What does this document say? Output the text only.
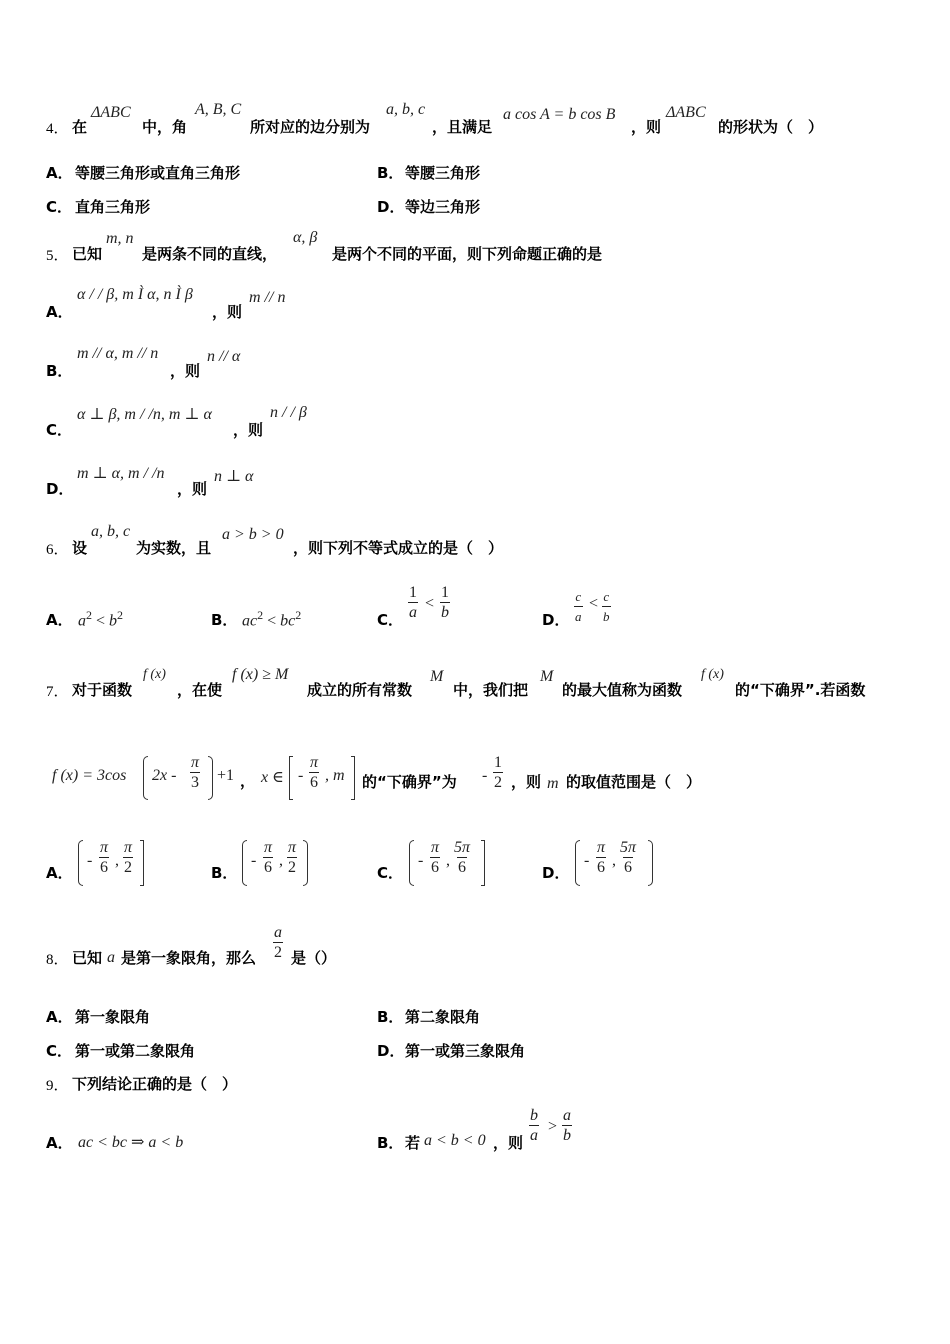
4． 在
ΔABC
中，角
A, B, C
所对应的边分别为
a, b, c
，且满足
a cos A = b cos B
，则
ΔABC
的形状为（　）
A． 等腰三角形或直角三角形	B． 等腰三角形
C． 直角三角形	D． 等边三角形
5． 已知
m, n
是两条不同的直线，
α, β
是两个不同的平面，则下列命题正确的是
A．
α / / β, m Ì α, n Ì β
，则
m // n
B．
m // α, m // n
，则
n // α
C．
α ⊥ β, m / /n, m ⊥ α
，则
n / / β
D．
m ⊥ α, m / /n
，则
n ⊥ α
6． 设
a, b, c
为实数，且
a > b > 0
，则下列不等式成立的是（　）
A． $a^2 < b^2$	B． $ac^2 < bc^2$	C． $\frac{1}{a} < \frac{1}{b}$	D． $\frac{c}{a} < \frac{c}{b}$
7． 对于函数
f (x)
，在使
f (x) ≥ M
成立的所有常数
M
中，我们把
M
的最大值称为函数
f (x)
的“下确界”.若函数
f (x) = 3cos $2x - \frac{\pi}{3} +1$ ， x ∈ - $\frac{\pi}{6}$ , m 的“下确界”为 - $\frac{1}{2}$ ，则 m 的取值范围是（　）
A．
- $\frac{\pi}{6}$ , $\frac{\pi}{2}$	B．
- $\frac{\pi}{6}$ , $\frac{\pi}{2}$	C．
- $\frac{\pi}{6}$ , $\frac{5\pi}{6}$	D．
- $\frac{\pi}{6}$ , $\frac{5\pi}{6}$
8． 已知 a 是第一象限角，那么 $\frac{a}{2}$ 是（）
A． 第一象限角	B． 第二象限角
C． 第一或第二象限角	D． 第一或第三象限角
9． 下列结论正确的是（　）
A． ac < bc ⇒ a < b	B． 若 a < b < 0 ，则 $\frac{b}{a} > \frac{a}{b}$
